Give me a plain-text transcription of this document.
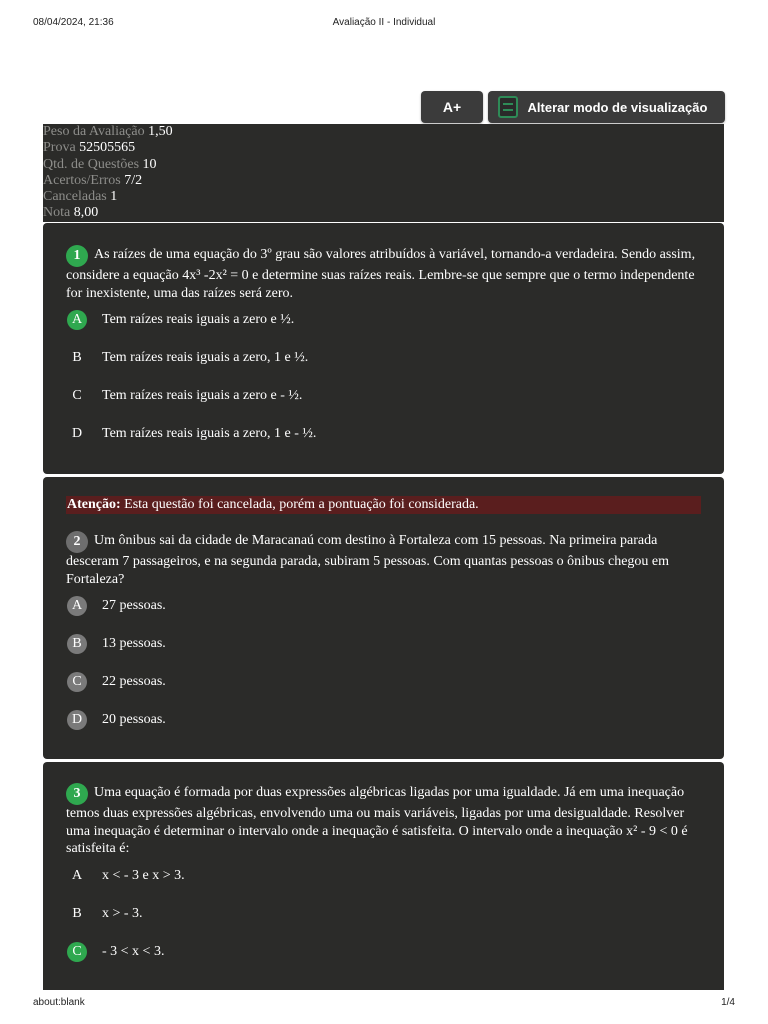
08/04/2024, 21:36	Avaliação II - Individual
A+	Alterar modo de visualização
Peso da Avaliação 1,50
Prova 52505565
Qtd. de Questões 10
Acertos/Erros 7/2
Canceladas 1
Nota 8,00
1 As raízes de uma equação do 3º grau são valores atribuídos à variável, tornando-a verdadeira. Sendo assim, considere a equação 4x³ -2x² = 0 e determine suas raízes reais. Lembre-se que sempre que o termo independente for inexistente, uma das raízes será zero.
A	Tem raízes reais iguais a zero e ½.
B	Tem raízes reais iguais a zero, 1 e ½.
C	Tem raízes reais iguais a zero e - ½.
D	Tem raízes reais iguais a zero, 1 e - ½.
Atenção: Esta questão foi cancelada, porém a pontuação foi considerada.
2 Um ônibus sai da cidade de Maracanaú com destino à Fortaleza com 15 pessoas. Na primeira parada desceram 7 passageiros, e na segunda parada, subiram 5 pessoas. Com quantas pessoas o ônibus chegou em Fortaleza?
A	27 pessoas.
B	13 pessoas.
C	22 pessoas.
D	20 pessoas.
3 Uma equação é formada por duas expressões algébricas ligadas por uma igualdade. Já em uma inequação temos duas expressões algébricas, envolvendo uma ou mais variáveis, ligadas por uma desigualdade. Resolver uma inequação é determinar o intervalo onde a inequação é satisfeita. O intervalo onde a inequação x² - 9 < 0 é satisfeita é:
A	x < - 3 e x > 3.
B	x > - 3.
C	- 3 < x < 3.
about:blank	1/4
